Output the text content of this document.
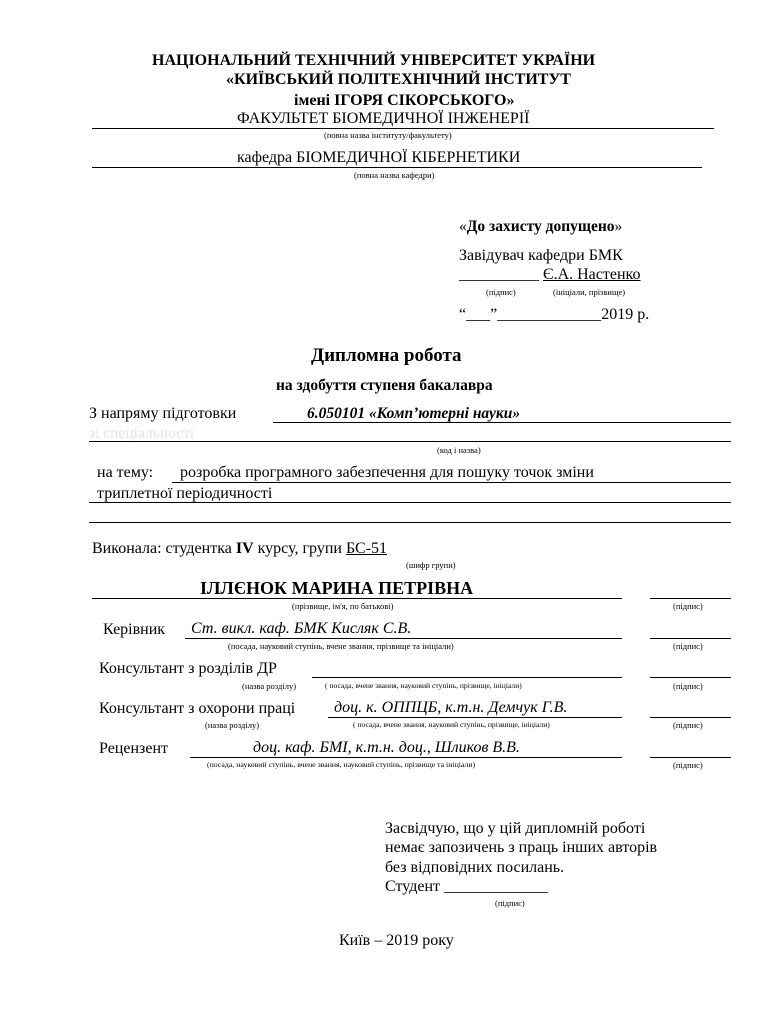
НАЦІОНАЛЬНИЙ ТЕХНІЧНИЙ УНІВЕРСИТЕТ УКРАЇНИ
«КИЇВСЬКИЙ ПОЛІТЕХНІЧНИЙ ІНСТИТУТ
імені ІГОРЯ СІКОРСЬКОГО»
ФАКУЛЬТЕТ БІОМЕДИЧНОЇ ІНЖЕНЕРІЇ
(повна назва інституту/факультету)
кафедра БІОМЕДИЧНОЇ КІБЕРНЕТИКИ
(повна назва кафедри)
«До захисту допущено»
Завідувач кафедри БМК
__________ Є.А. Настенко
(підпис)	(ініціали, прізвище)
“___”_____________2019 р.
Дипломна робота
на здобуття ступеня бакалавра
З напряму підготовки	6.050101 «Комп’ютерні науки»
зі спеціальності
(код і назва)
на тему: розробка програмного забезпечення для пошуку точок зміни
триплетної періодичності
Виконала: студентка IV курсу, групи БС-51
(шифр групи)
ІЛЛЄНОК МАРИНА ПЕТРІВНА
(прізвище, ім'я, по батькові)	(підпис)
Керівник Ст. викл. каф. БМК Кисляк С.В.
(посада, науковий ступінь, вчене звання, прізвище та ініціали)	(підпис)
Консультант з розділів ДР
(назва розділу)	( посада, вчене звання, науковий ступінь, прізвище, ініціали)	(підпис)
Консультант з охорони праці доц. к. ОППЦБ, к.т.н. Демчук Г.В.
(назва розділу)	( посада, вчене звання, науковий ступінь, прізвище, ініціали)	(підпис)
Рецензент	доц. каф. БМІ, к.т.н. доц., Шликов В.В.
(посада, науковий ступінь, вчене звання, науковий ступінь, прізвище та ініціали)	(підпис)
Засвідчую, що у цій дипломній роботі
немає запозичень з праць інших авторів
без відповідних посилань.
Студент _____________
(підпис)
Київ – 2019 року
